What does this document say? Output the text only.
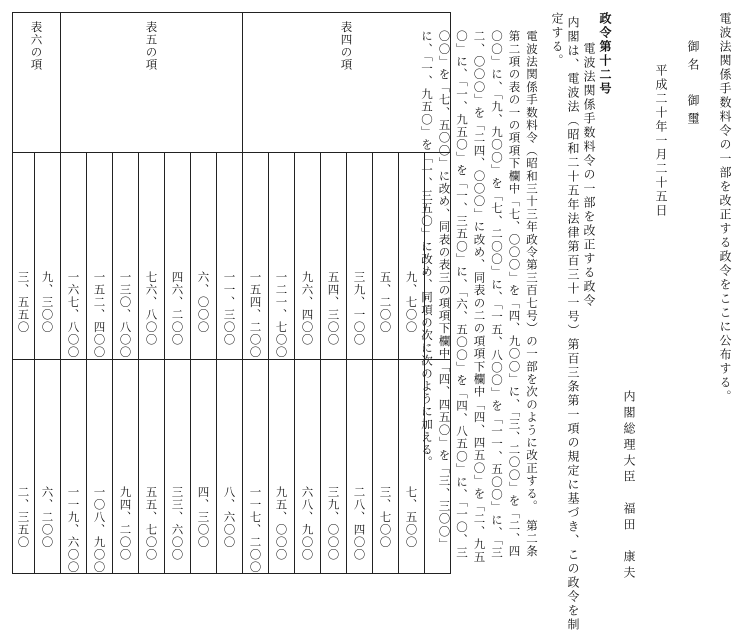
電波法関係手数料令の一部を改正する政令をここに公布する。
御名　御璽
平成二十年一月二十五日
内閣総理大臣　福田　康夫
政令第十二号
電波法関係手数料令の一部を改正する政令
内閣は、電波法（昭和二十五年法律第百三十一号）第百三条第一項の規定に基づき、この政令を制
定する。
電波法関係手数料令（昭和三十三年政令第三百七号）の一部を次のように改正する。　第二条第二項の表の一の項項下欄中「七、〇〇〇」を「四、九〇〇」に、「三、二〇〇」を「二、四〇〇」に、「九、九〇〇」を「七、二〇〇」に、「一五、八〇〇」を「一一、五〇〇」に、「三二、〇〇〇」を「二四、〇〇〇」に改め、同表の二の項項下欄中「四、四五〇」を「二、九五〇」に、「一、九五〇」を「一、三五〇」に、「六、五〇〇」を「四、八五〇」に、「一〇、三〇〇」を「七、五〇〇」に改め、同表の表三の項項下欄中「四、四五〇」を「三、三〇〇」に、「一、九五〇」を「一、三五〇」に改め、同項の次に次のように加える。
表六の項		表五の項							表四の項							

三、五五〇	九、三〇〇	一六七、八〇〇	一五二、四〇〇	一三〇、八〇〇	七六、八〇〇	四六、二〇〇	六、〇〇〇	一一、三〇〇	一五四、二〇〇	一二一、七〇〇	九六、四〇〇	五四、三〇〇	三九、一〇〇	五、二〇〇	九、七〇〇	

二、三五〇	六、二〇〇	一一九、六〇〇	一〇八、九〇〇	九四、二〇〇	五五、七〇〇	三三、六〇〇	四、三〇〇	八、六〇〇	一一七、二〇〇	九五、〇〇〇	六八、九〇〇	三九、〇〇〇	二八、四〇〇	三、七〇〇	七、五〇〇	
